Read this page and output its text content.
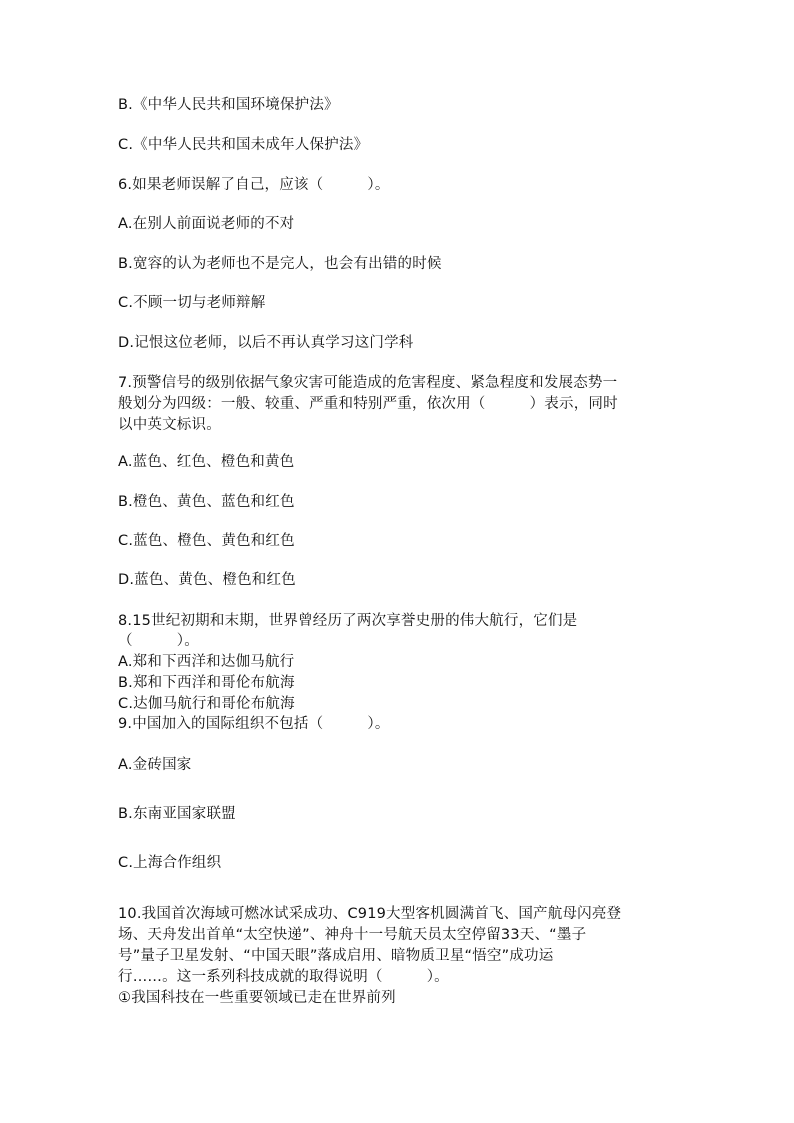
B.《中华人民共和国环境保护法》
C.《中华人民共和国未成年人保护法》
6.如果老师误解了自己，应该（　　　）。
A.在别人前面说老师的不对
B.宽容的认为老师也不是完人，也会有出错的时候
C.不顾一切与老师辩解
D.记恨这位老师，以后不再认真学习这门学科
7.预警信号的级别依据气象灾害可能造成的危害程度、紧急程度和发展态势一
般划分为四级：一般、较重、严重和特别严重，依次用（　　　）表示，同时
以中英文标识。
A.蓝色、红色、橙色和黄色
B.橙色、黄色、蓝色和红色
C.蓝色、橙色、黄色和红色
D.蓝色、黄色、橙色和红色
8.15世纪初期和末期，世界曾经历了两次享誉史册的伟大航行，它们是
（　　　）。
A.郑和下西洋和达伽马航行
B.郑和下西洋和哥伦布航海
C.达伽马航行和哥伦布航海
9.中国加入的国际组织不包括（　　　）。
A.金砖国家
B.东南亚国家联盟
C.上海合作组织
10.我国首次海域可燃冰试采成功、C919大型客机圆满首飞、国产航母闪亮登
场、天舟发出首单“太空快递”、神舟十一号航天员太空停留33天、“墨子
号”量子卫星发射、“中国天眼”落成启用、暗物质卫星“悟空”成功运
行……。这一系列科技成就的取得说明（　　　）。
①我国科技在一些重要领域已走在世界前列
